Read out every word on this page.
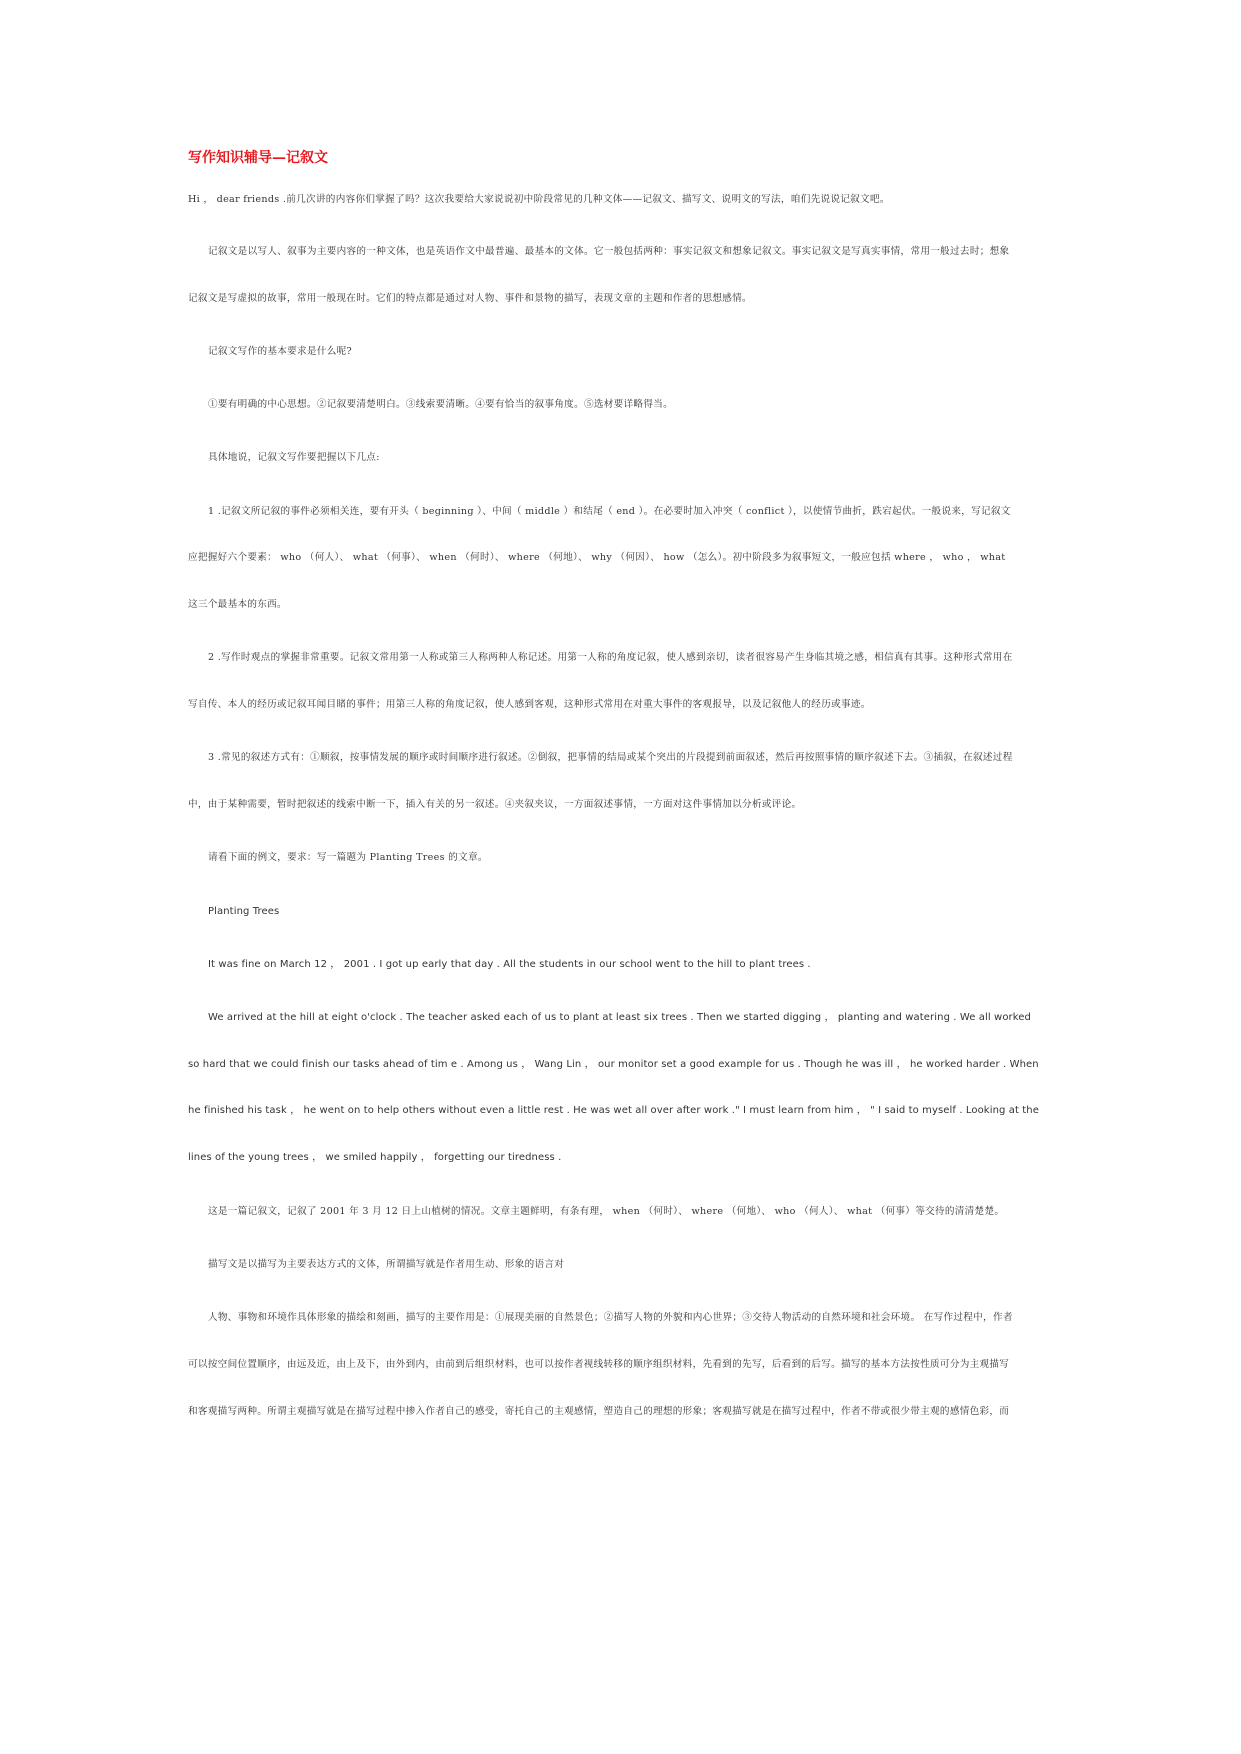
写作知识辅导—记叙文
Hi ， dear friends .前几次讲的内容你们掌握了吗？这次我要给大家说说初中阶段常见的几种文体——记叙文、描写文、说明文的写法，咱们先说说记叙文吧。
记叙文是以写人、叙事为主要内容的一种文体，也是英语作文中最普遍、最基本的文体。它一般包括两种：事实记叙文和想象记叙文。事实记叙文是写真实事情，常用一般过去时；想象
记叙文是写虚拟的故事，常用一般现在时。它们的特点都是通过对人物、事件和景物的描写，表现文章的主题和作者的思想感情。
记叙文写作的基本要求是什么呢?
①要有明确的中心思想。②记叙要清楚明白。③线索要清晰。④要有恰当的叙事角度。⑤选材要详略得当。
具体地说，记叙文写作要把握以下几点:
1 .记叙文所记叙的事件必须相关连，要有开头（ beginning ）、中间（ middle ）和结尾（ end ）。在必要时加入冲突（ conflict ），以使情节曲折，跌宕起伏。一般说来，写记叙文
应把握好六个要素： who （何人）、 what （何事）、 when （何时）、 where （何地）、 why （何因）、 how （怎么）。初中阶段多为叙事短文，一般应包括 where ， who ， what
这三个最基本的东西。
2 .写作时观点的掌握非常重要。记叙文常用第一人称或第三人称两种人称记述。用第一人称的角度记叙，使人感到亲切，读者很容易产生身临其境之感，相信真有其事。这种形式常用在
写自传、本人的经历或记叙耳闻目睹的事件；用第三人称的角度记叙，使人感到客观，这种形式常用在对重大事件的客观报导，以及记叙他人的经历或事迹。
3 .常见的叙述方式有：①顺叙，按事情发展的顺序或时间顺序进行叙述。②倒叙，把事情的结局或某个突出的片段提到前面叙述，然后再按照事情的顺序叙述下去。③插叙，在叙述过程
中，由于某种需要，暂时把叙述的线索中断一下，插入有关的另一叙述。④夹叙夹议，一方面叙述事情，一方面对这件事情加以分析或评论。
请看下面的例文，要求：写一篇题为 Planting Trees 的文章。
Planting Trees
It was fine on March 12 ， 2001 . I got up early that day . All the students in our school went to the hill to plant trees .
We arrived at the hill at eight o'clock . The teacher asked each of us to plant at least six trees . Then we started digging ， planting and watering . We all worked
so hard that we could finish our tasks ahead of tim e . Among us ， Wang Lin ， our monitor set a good example for us . Though he was ill ， he worked harder . When
he finished his task ， he went on to help others without even a little rest . He was wet all over after work ." I must learn from him ， " I said to myself . Looking at the
lines of the young trees ， we smiled happily ， forgetting our tiredness .
这是一篇记叙文，记叙了 2001 年 3 月 12 日上山植树的情况。文章主题鲜明，有条有理， when （何时）、 where （何地）、 who （何人）、 what （何事）等交待的清清楚楚。
描写文是以描写为主要表达方式的文体，所谓描写就是作者用生动、形象的语言对
人物、事物和环境作具体形象的描绘和刻画，描写的主要作用是：①展现美丽的自然景色；②描写人物的外貌和内心世界；③交待人物活动的自然环境和社会环境。 在写作过程中，作者
可以按空间位置顺序，由远及近，由上及下，由外到内，由前到后组织材料，也可以按作者视线转移的顺序组织材料，先看到的先写，后看到的后写。描写的基本方法按性质可分为主观描写
和客观描写两种。所谓主观描写就是在描写过程中掺入作者自己的感受，寄托自己的主观感情，塑造自己的理想的形象；客观描写就是在描写过程中，作者不带或很少带主观的感情色彩，而
